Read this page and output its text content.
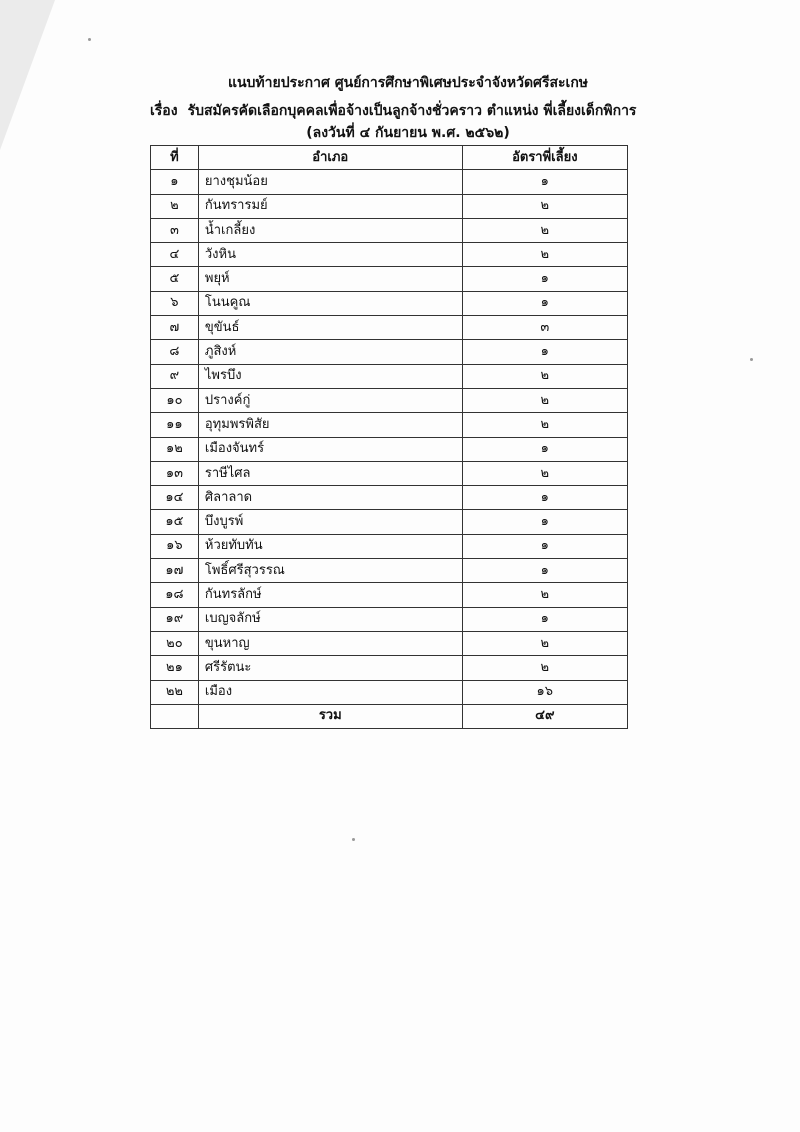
แนบท้ายประกาศ ศูนย์การศึกษาพิเศษประจำจังหวัดศรีสะเกษ
เรื่อง รับสมัครคัดเลือกบุคคลเพื่อจ้างเป็นลูกจ้างชั่วคราว ตำแหน่ง พี่เลี้ยงเด็กพิการ
(ลงวันที่ ๔ กันยายน พ.ศ. ๒๕๖๒)
ที่	อำเภอ	อัตราพี่เลี้ยง
๑	ยางชุมน้อย	๑
๒	กันทรารมย์	๒
๓	น้ำเกลี้ยง	๒
๔	วังหิน	๒
๕	พยุห์	๑
๖	โนนคูณ	๑
๗	ขุขันธ์	๓
๘	ภูสิงห์	๑
๙	ไพรบึง	๒
๑๐	ปรางค์กู่	๒
๑๑	อุทุมพรพิสัย	๒
๑๒	เมืองจันทร์	๑
๑๓	ราษีไศล	๒
๑๔	ศิลาลาด	๑
๑๕	บึงบูรพ์	๑
๑๖	ห้วยทับทัน	๑
๑๗	โพธิ์ศรีสุวรรณ	๑
๑๘	กันทรลักษ์	๒
๑๙	เบญจลักษ์	๑
๒๐	ขุนหาญ	๒
๒๑	ศรีรัตนะ	๒
๒๒	เมือง	๑๖
	รวม	๔๙
